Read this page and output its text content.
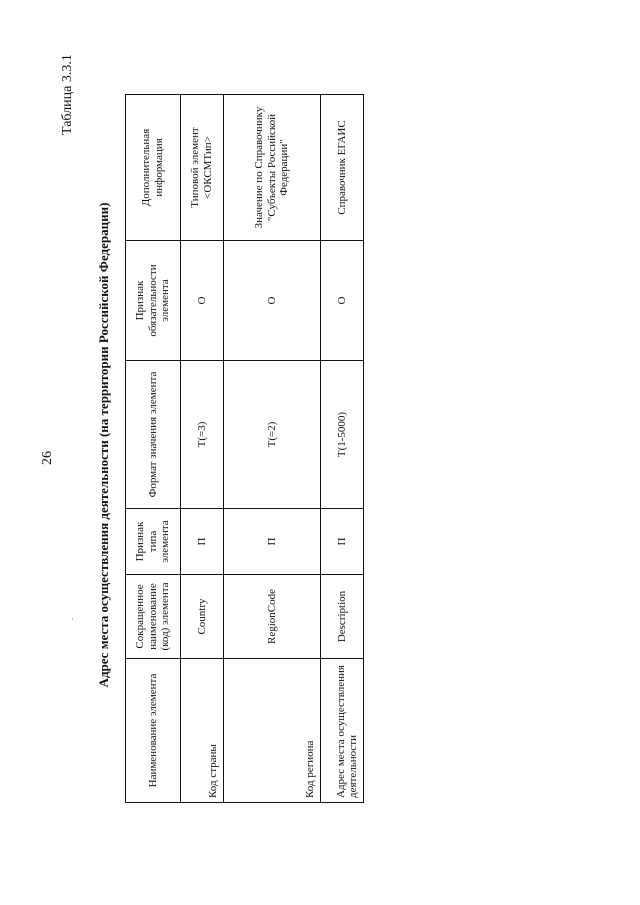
26
Таблица 3.3.1
. Адрес места осуществления деятельности (на территории Российской Федерации)
Наименование элемента	Сокращенное наименование (код) элемента	Признак типа элемента	Формат значения элемента	Признак обязательности элемента	Дополнительная информация
Код страны	Country	П	T(=3)	О	Типовой элемент <ОКСМТип>
Код региона	RegionCode	П	T(=2)	О	Значение по Справочнику "Субъекты Российской Федерации"
Адрес места осуществления деятельности	Description	П	T(1-5000)	О	Справочник ЕГАИС
